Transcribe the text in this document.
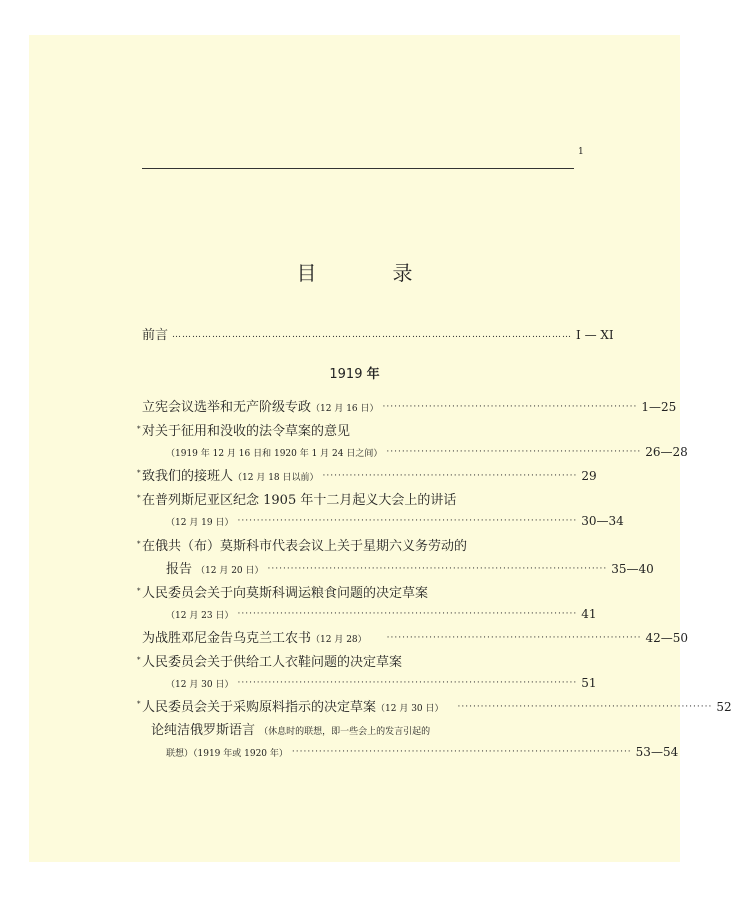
1
目　录
前言 ………………………………………………………………………………………………………… I — XI
1919 年
立宪会议选举和无产阶级专政 （12 月 16 日） ·································································· 1—25
* 对关于征用和没收的法令草案的意见
（1919 年 12 月 16 日和 1920 年 1 月 24 日之间） ·································································· 26—28
* 致我们的接班人 （12 月 18 日以前） ·································································· 29
* 在普列斯尼亚区纪念 1905 年十二月起义大会上的讲话
（12 月 19 日） ························································································ 30—34
* 在俄共（布）莫斯科市代表会议上关于星期六义务劳动的
报告 （12 月 20 日） ························································································ 35—40
* 人民委员会关于向莫斯科调运粮食问题的决定草案
（12 月 23 日） ························································································ 41
为战胜邓尼金告乌克兰工农书 （12 月 28） ·································································· 42—50
* 人民委员会关于供给工人衣鞋问题的决定草案
（12 月 30 日） ························································································ 51
* 人民委员会关于采购原料指示的决定草案 （12 月 30 日） ·································································· 52
论纯洁俄罗斯语言 （休息时的联想，即一些会上的发言引起的
联想）（1919 年或 1920 年） ························································································ 53—54
